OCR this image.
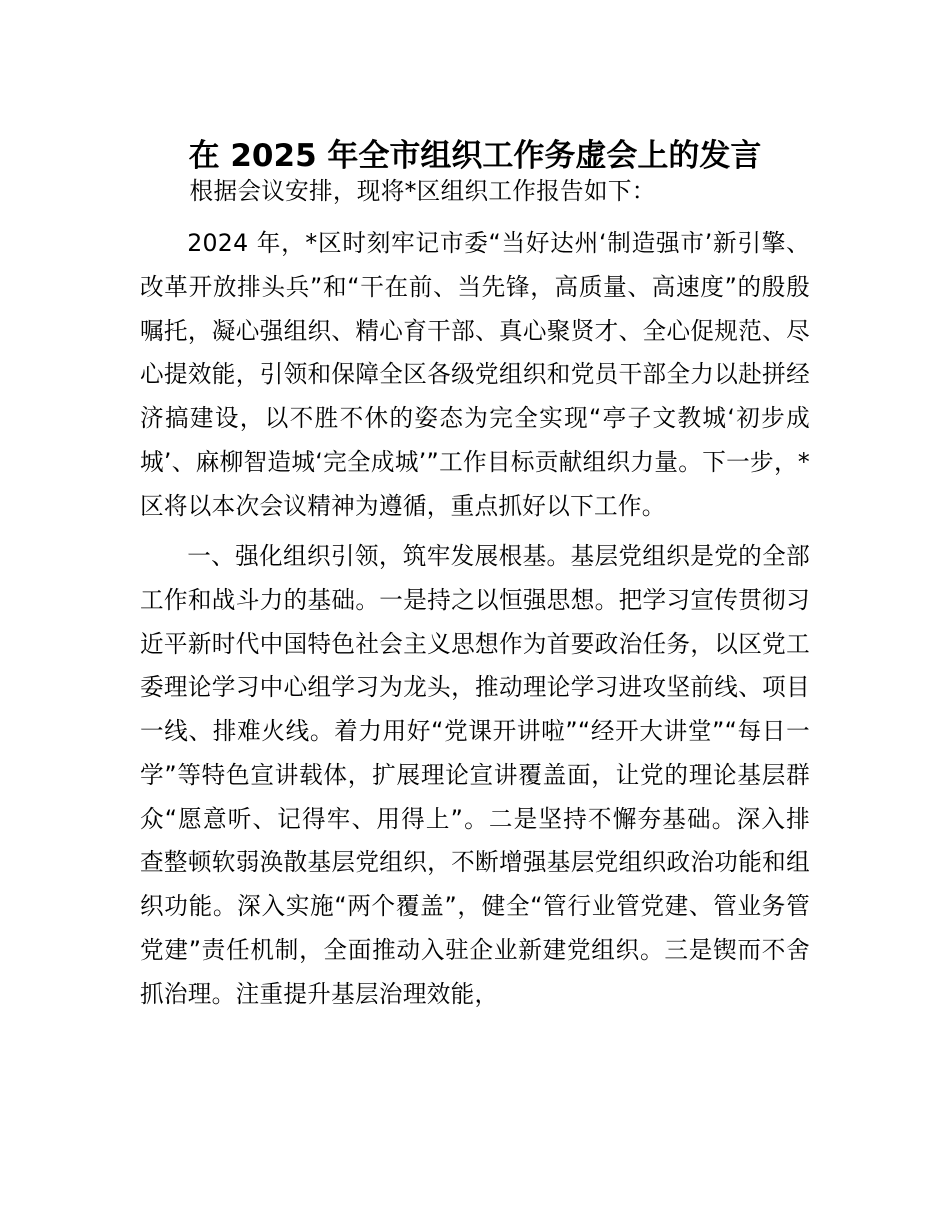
在 2025 年全市组织工作务虚会上的发言

根据会议安排，现将*区组织工作报告如下：

2024 年，*区时刻牢记市委“当好达州‘制造强市’新引擎、改革开放排头兵”和“干在前、当先锋，高质量、高速度”的殷殷嘱托，凝心强组织、精心育干部、真心聚贤才、全心促规范、尽心提效能，引领和保障全区各级党组织和党员干部全力以赴拼经济搞建设，以不胜不休的姿态为完全实现“亭子文教城‘初步成城’、麻柳智造城‘完全成城’”工作目标贡献组织力量。下一步，*区将以本次会议精神为遵循，重点抓好以下工作。

一、强化组织引领，筑牢发展根基。基层党组织是党的全部工作和战斗力的基础。一是持之以恒强思想。把学习宣传贯彻习近平新时代中国特色社会主义思想作为首要政治任务，以区党工委理论学习中心组学习为龙头，推动理论学习进攻坚前线、项目一线、排难火线。着力用好“党课开讲啦”“经开大讲堂”“每日一学”等特色宣讲载体，扩展理论宣讲覆盖面，让党的理论基层群众“愿意听、记得牢、用得上”。二是坚持不懈夯基础。深入排查整顿软弱涣散基层党组织，不断增强基层党组织政治功能和组织功能。深入实施“两个覆盖”，健全“管行业管党建、管业务管党建”责任机制，全面推动入驻企业新建党组织。三是锲而不舍抓治理。注重提升基层治理效能，
